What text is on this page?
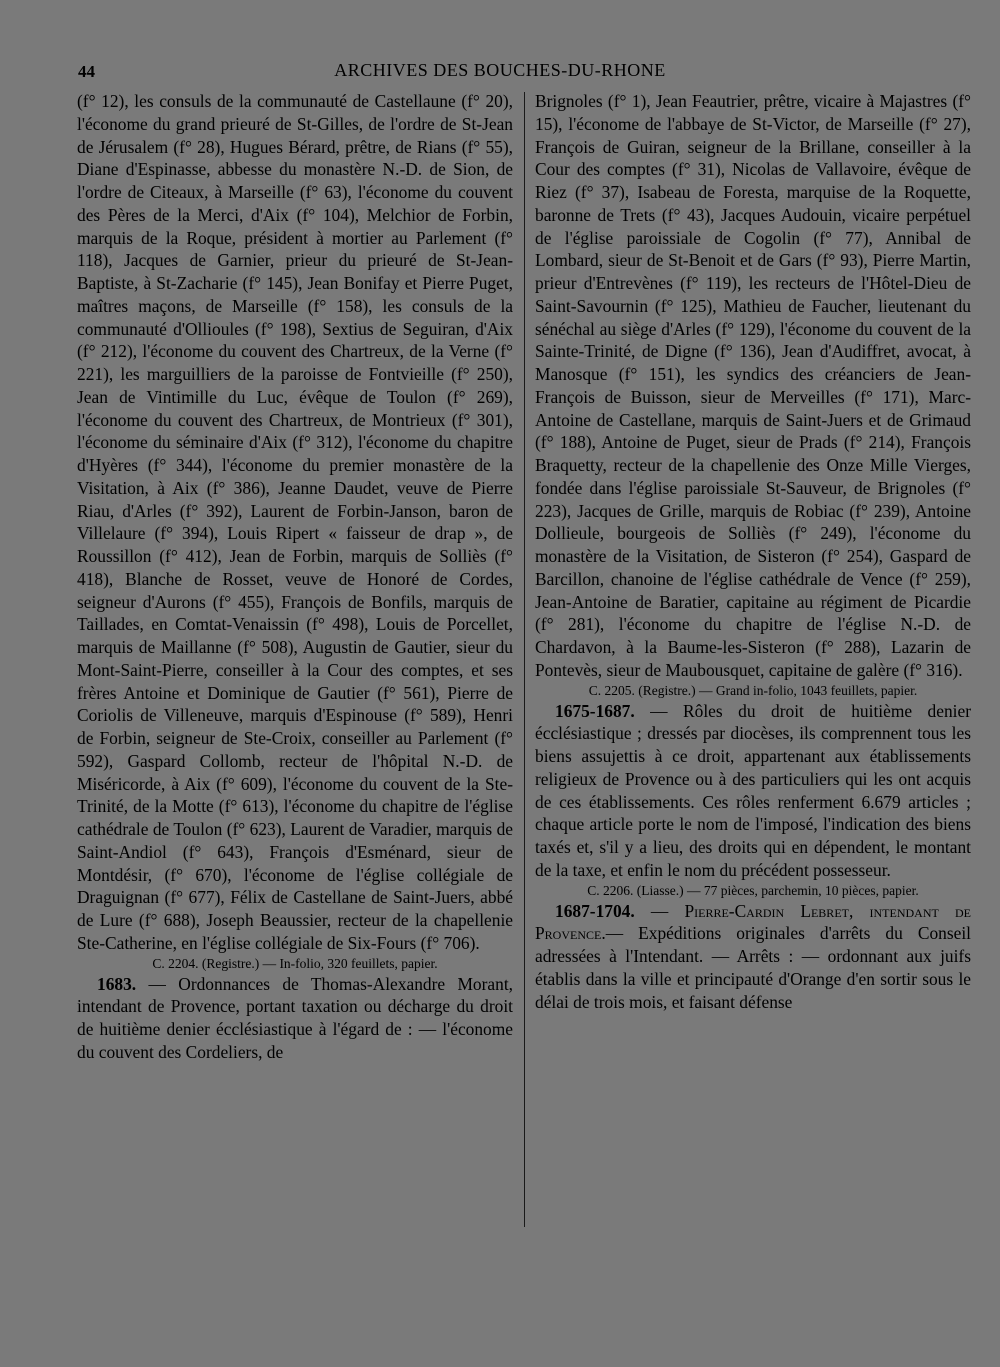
44	ARCHIVES DES BOUCHES-DU-RHONE

(f° 12), les consuls de la communauté de Castellaune (f° 20), l'économe du grand prieuré de St-Gilles, de l'ordre de St-Jean de Jérusalem (f° 28), Hugues Bérard, prêtre, de Rians (f° 55), Diane d'Espinasse, abbesse du monastère N.-D. de Sion, de l'ordre de Citeaux, à Marseille (f° 63), l'économe du couvent des Pères de la Merci, d'Aix (f° 104), Melchior de Forbin, marquis de la Roque, président à mortier au Parlement (f° 118), Jacques de Garnier, prieur du prieuré de St-Jean-Baptiste, à St-Zacharie (f° 145), Jean Bonifay et Pierre Puget, maîtres maçons, de Marseille (f° 158), les consuls de la communauté d'Ollioules (f° 198), Sextius de Seguiran, d'Aix (f° 212), l'économe du couvent des Chartreux, de la Verne (f° 221), les marguilliers de la paroisse de Fontvieille (f° 250), Jean de Vintimille du Luc, évêque de Toulon (f° 269), l'économe du couvent des Chartreux, de Montrieux (f° 301), l'économe du séminaire d'Aix (f° 312), l'économe du chapitre d'Hyères (f° 344), l'économe du premier monastère de la Visitation, à Aix (f° 386), Jeanne Daudet, veuve de Pierre Riau, d'Arles (f° 392), Laurent de Forbin-Janson, baron de Villelaure (f° 394), Louis Ripert « faisseur de drap », de Roussillon (f° 412), Jean de Forbin, marquis de Solliès (f° 418), Blanche de Rosset, veuve de Honoré de Cordes, seigneur d'Aurons (f° 455), François de Bonfils, marquis de Taillades, en Comtat-Venaissin (f° 498), Louis de Porcellet, marquis de Maillanne (f° 508), Augustin de Gautier, sieur du Mont-Saint-Pierre, conseiller à la Cour des comptes, et ses frères Antoine et Dominique de Gautier (f° 561), Pierre de Coriolis de Villeneuve, marquis d'Espinouse (f° 589), Henri de Forbin, seigneur de Ste-Croix, conseiller au Parlement (f° 592), Gaspard Collomb, recteur de l'hôpital N.-D. de Miséricorde, à Aix (f° 609), l'économe du couvent de la Ste-Trinité, de la Motte (f° 613), l'économe du chapitre de l'église cathédrale de Toulon (f° 623), Laurent de Varadier, marquis de Saint-Andiol (f° 643), François d'Esménard, sieur de Montdésir, (f° 670), l'économe de l'église collégiale de Draguignan (f° 677), Félix de Castellane de Saint-Juers, abbé de Lure (f° 688), Joseph Beaussier, recteur de la chapellenie Ste-Catherine, en l'église collégiale de Six-Fours (f° 706).

C. 2204. (Registre.) — In-folio, 320 feuillets, papier.

1683. — Ordonnances de Thomas-Alexandre Morant, intendant de Provence, portant taxation ou décharge du droit de huitième denier écclésiastique à l'égard de : — l'économe du couvent des Cordeliers, de

Brignoles (f° 1), Jean Feautrier, prêtre, vicaire à Majastres (f° 15), l'économe de l'abbaye de St-Victor, de Marseille (f° 27), François de Guiran, seigneur de la Brillane, conseiller à la Cour des comptes (f° 31), Nicolas de Vallavoire, évêque de Riez (f° 37), Isabeau de Foresta, marquise de la Roquette, baronne de Trets (f° 43), Jacques Audouin, vicaire perpétuel de l'église paroissiale de Cogolin (f° 77), Annibal de Lombard, sieur de St-Benoit et de Gars (f° 93), Pierre Martin, prieur d'Entrevènes (f° 119), les recteurs de l'Hôtel-Dieu de Saint-Savournin (f° 125), Mathieu de Faucher, lieutenant du sénéchal au siège d'Arles (f° 129), l'économe du couvent de la Sainte-Trinité, de Digne (f° 136), Jean d'Audiffret, avocat, à Manosque (f° 151), les syndics des créanciers de Jean-François de Buisson, sieur de Merveilles (f° 171), Marc-Antoine de Castellane, marquis de Saint-Juers et de Grimaud (f° 188), Antoine de Puget, sieur de Prads (f° 214), François Braquetty, recteur de la chapellenie des Onze Mille Vierges, fondée dans l'église paroissiale St-Sauveur, de Brignoles (f° 223), Jacques de Grille, marquis de Robiac (f° 239), Antoine Dollieule, bourgeois de Solliès (f° 249), l'économe du monastère de la Visitation, de Sisteron (f° 254), Gaspard de Barcillon, chanoine de l'église cathédrale de Vence (f° 259), Jean-Antoine de Baratier, capitaine au régiment de Picardie (f° 281), l'économe du chapitre de l'église N.-D. de Chardavon, à la Baume-les-Sisteron (f° 288), Lazarin de Pontevès, sieur de Maubousquet, capitaine de galère (f° 316).

C. 2205. (Registre.) — Grand in-folio, 1043 feuillets, papier.

1675-1687. — Rôles du droit de huitième denier écclésiastique ; dressés par diocèses, ils comprennent tous les biens assujettis à ce droit, appartenant aux établissements religieux de Provence ou à des particuliers qui les ont acquis de ces établissements. Ces rôles renferment 6.679 articles ; chaque article porte le nom de l'imposé, l'indication des biens taxés et, s'il y a lieu, des droits qui en dépendent, le montant de la taxe, et enfin le nom du précédent possesseur.

C. 2206. (Liasse.) — 77 pièces, parchemin, 10 pièces, papier.

1687-1704. — Pierre-Cardin Lebret, intendant de Provence.— Expéditions originales d'arrêts du Conseil adressées à l'Intendant. — Arrêts : — ordonnant aux juifs établis dans la ville et principauté d'Orange d'en sortir sous le délai de trois mois, et faisant défense
